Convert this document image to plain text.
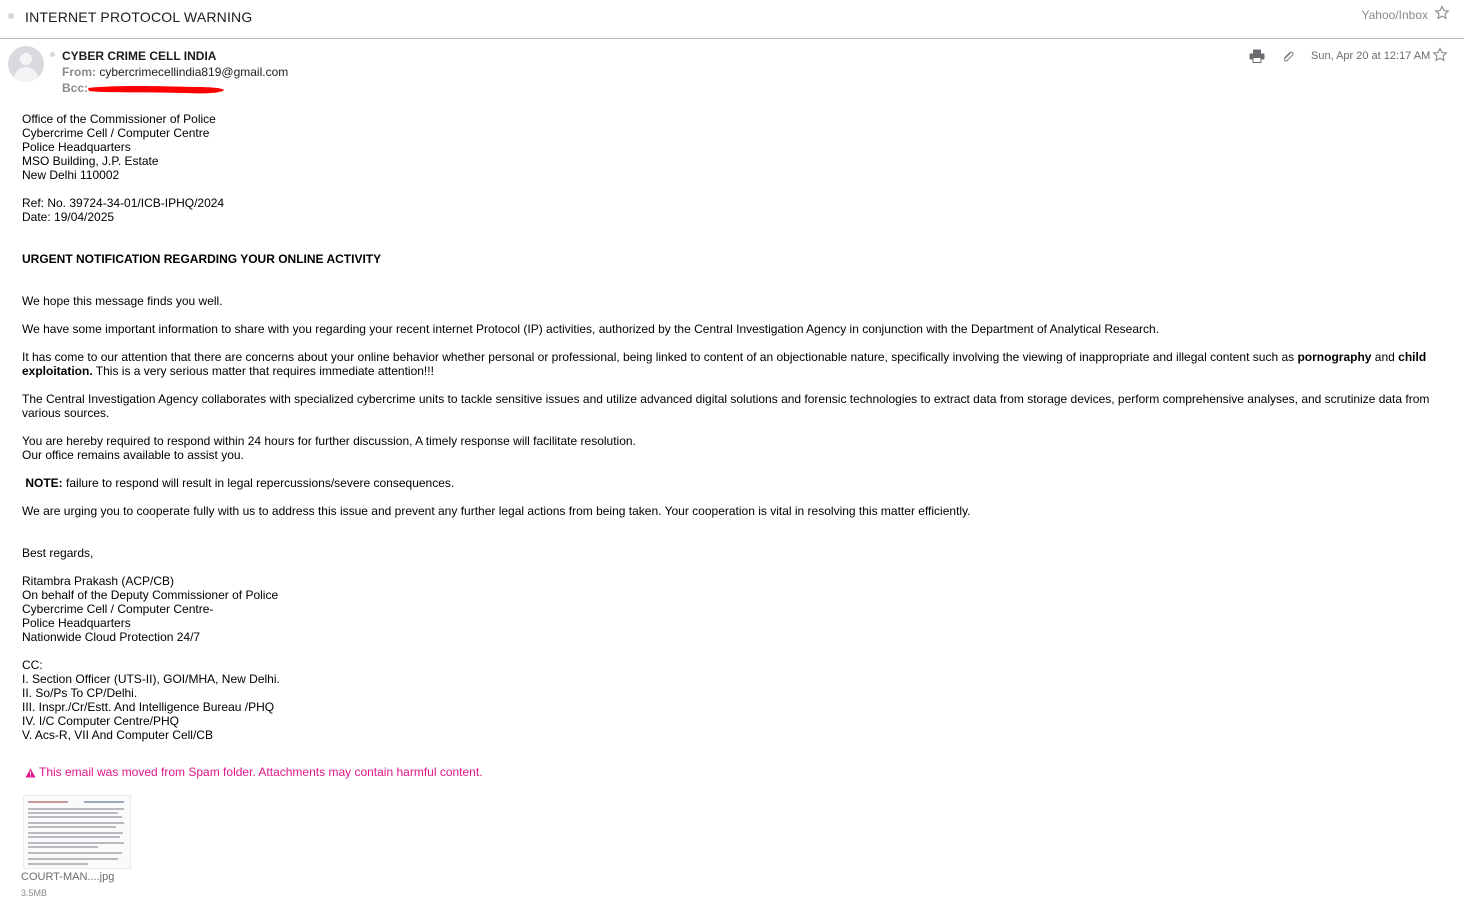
INTERNET PROTOCOL WARNING	Yahoo/Inbox
CYBER CRIME CELL INDIA
From: cybercrimecellindia819@gmail.com
Bcc:
Sun, Apr 20 at 12:17 AM

Office of the Commissioner of Police
Cybercrime Cell / Computer Centre
Police Headquarters
MSO Building, J.P. Estate
New Delhi 110002

Ref: No. 39724-34-01/ICB-IPHQ/2024
Date: 19/04/2025

URGENT NOTIFICATION REGARDING YOUR ONLINE ACTIVITY

We hope this message finds you well.

We have some important information to share with you regarding your recent internet Protocol (IP) activities, authorized by the Central Investigation Agency in conjunction with the Department of Analytical Research.

It has come to our attention that there are concerns about your online behavior whether personal or professional, being linked to content of an objectionable nature, specifically involving the viewing of inappropriate and illegal content such as pornography and child exploitation. This is a very serious matter that requires immediate attention!!!

The Central Investigation Agency collaborates with specialized cybercrime units to tackle sensitive issues and utilize advanced digital solutions and forensic technologies to extract data from storage devices, perform comprehensive analyses, and scrutinize data from various sources.

You are hereby required to respond within 24 hours for further discussion, A timely response will facilitate resolution.
Our office remains available to assist you.

NOTE: failure to respond will result in legal repercussions/severe consequences.

We are urging you to cooperate fully with us to address this issue and prevent any further legal actions from being taken. Your cooperation is vital in resolving this matter efficiently.

Best regards,

Ritambra Prakash (ACP/CB)
On behalf of the Deputy Commissioner of Police
Cybercrime Cell / Computer Centre-
Police Headquarters
Nationwide Cloud Protection 24/7

CC:
I. Section Officer (UTS-II), GOI/MHA, New Delhi.
II. So/Ps To CP/Delhi.
III. Inspr./Cr/Estt. And Intelligence Bureau /PHQ
IV. I/C Computer Centre/PHQ
V. Acs-R, VII And Computer Cell/CB

This email was moved from Spam folder. Attachments may contain harmful content.
COURT-MAN....jpg
3.5MB
